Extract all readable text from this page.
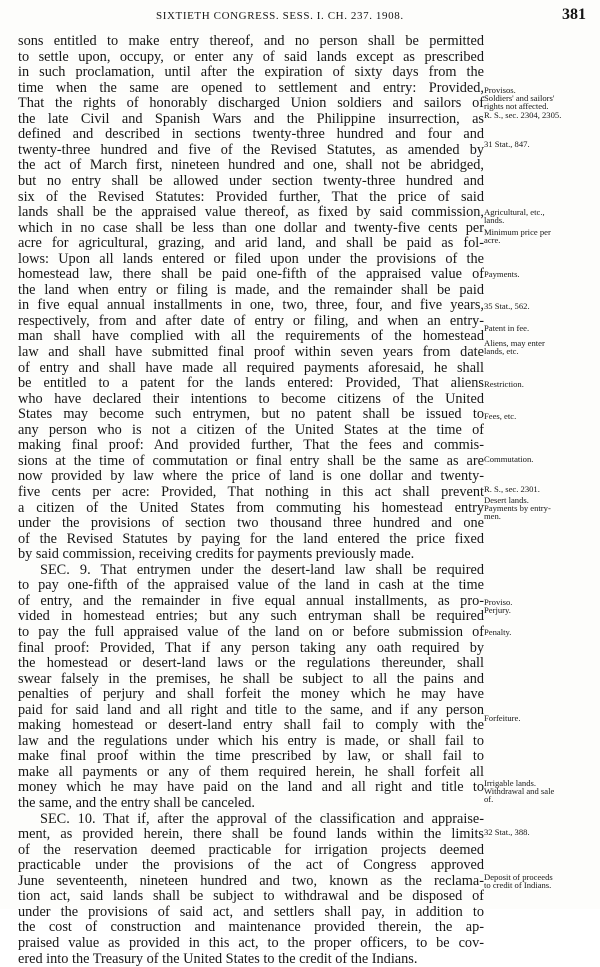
SIXTIETH CONGRESS. SESS. I. CH. 237. 1908.	381
sons entitled to make entry thereof, and no person shall be permitted
to settle upon, occupy, or enter any of said lands except as prescribed
in such proclamation, until after the expiration of sixty days from the
time when the same are opened to settlement and entry: Provided,
That the rights of honorably discharged Union soldiers and sailors of
the late Civil and Spanish Wars and the Philippine insurrection, as
defined and described in sections twenty-three hundred and four and
twenty-three hundred and five of the Revised Statutes, as amended by
the act of March first, nineteen hundred and one, shall not be abridged,
but no entry shall be allowed under section twenty-three hundred and
six of the Revised Statutes: Provided further, That the price of said
lands shall be the appraised value thereof, as fixed by said commission,
which in no case shall be less than one dollar and twenty-five cents per
acre for agricultural, grazing, and arid land, and shall be paid as fol-
lows: Upon all lands entered or filed upon under the provisions of the
homestead law, there shall be paid one-fifth of the appraised value of
the land when entry or filing is made, and the remainder shall be paid
in five equal annual installments in one, two, three, four, and five years,
respectively, from and after date of entry or filing, and when an entry-
man shall have complied with all the requirements of the homestead
law and shall have submitted final proof within seven years from date
of entry and shall have made all required payments aforesaid, he shall
be entitled to a patent for the lands entered: Provided, That aliens
who have declared their intentions to become citizens of the United
States may become such entrymen, but no patent shall be issued to
any person who is not a citizen of the United States at the time of
making final proof: And provided further, That the fees and commis-
sions at the time of commutation or final entry shall be the same as are
now provided by law where the price of land is one dollar and twenty-
five cents per acre: Provided, That nothing in this act shall prevent
a citizen of the United States from commuting his homestead entry
under the provisions of section two thousand three hundred and one
of the Revised Statutes by paying for the land entered the price fixed
by said commission, receiving credits for payments previously made.
SEC. 9. That entrymen under the desert-land law shall be required
to pay one-fifth of the appraised value of the land in cash at the time
of entry, and the remainder in five equal annual installments, as pro-
vided in homestead entries; but any such entryman shall be required
to pay the full appraised value of the land on or before submission of
final proof: Provided, That if any person taking any oath required by
the homestead or desert-land laws or the regulations thereunder, shall
swear falsely in the premises, he shall be subject to all the pains and
penalties of perjury and shall forfeit the money which he may have
paid for said land and all right and title to the same, and if any person
making homestead or desert-land entry shall fail to comply with the
law and the regulations under which his entry is made, or shall fail to
make final proof within the time prescribed by law, or shall fail to
make all payments or any of them required herein, he shall forfeit all
money which he may have paid on the land and all right and title to
the same, and the entry shall be canceled.
SEC. 10. That if, after the approval of the classification and appraise-
ment, as provided herein, there shall be found lands within the limits
of the reservation deemed practicable for irrigation projects deemed
practicable under the provisions of the act of Congress approved
June seventeenth, nineteen hundred and two, known as the reclama-
tion act, said lands shall be subject to withdrawal and be disposed of
under the provisions of said act, and settlers shall pay, in addition to
the cost of construction and maintenance provided therein, the ap-
praised value as provided in this act, to the proper officers, to be cov-
ered into the Treasury of the United States to the credit of the Indians.
Provisos.
Soldiers' and sailors'
rights not affected.
R. S., sec. 2304, 2305.
31 Stat., 847.
Agricultural, etc.,
lands.
Minimum price per
acre.
Payments.
35 Stat., 562.
Patent in fee.
Aliens, may enter
lands, etc.
Restriction.
Fees, etc.
Commutation.
R. S., sec. 2301.
Desert lands.
Payments by entry-
men.
Proviso.
Perjury.
Penalty.
Forfeiture.
Irrigable lands.
Withdrawal and sale
of.
32 Stat., 388.
Deposit of proceeds
to credit of Indians.
